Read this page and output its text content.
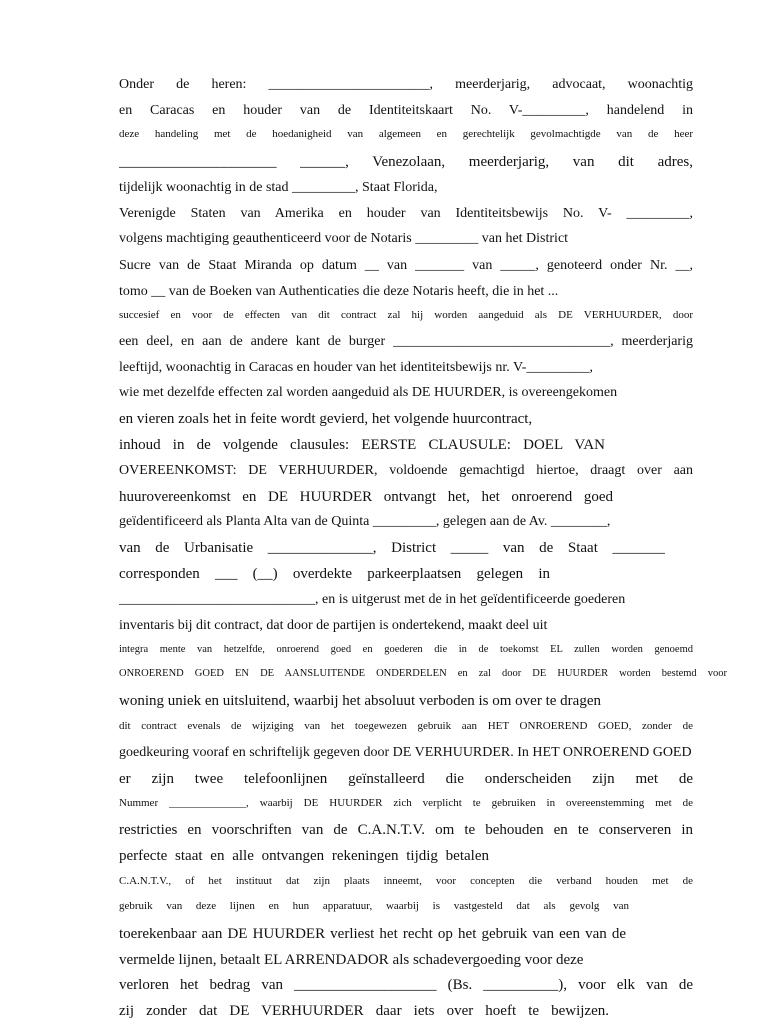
Onder de heren: _______________________, meerderjarig, advocaat, woonachtig
en Caracas en houder van de Identiteitskaart No. V-_________, handelend in
deze handeling met de hoedanigheid van algemeen en gerechtelijk gevolmachtigde van de heer
_____________________ ______, Venezolaan, meerderjarig, van dit adres,
tijdelijk woonachtig in de stad _________, Staat Florida,
Verenigde Staten van Amerika en houder van Identiteitsbewijs No. V- _________,
volgens machtiging geauthenticeerd voor de Notaris _________ van het District
Sucre van de Staat Miranda op datum __ van _______ van _____, genoteerd onder Nr. __,
tomo __ van de Boeken van Authenticaties die deze Notaris heeft, die in het ...
succesief en voor de effecten van dit contract zal hij worden aangeduid als DE VERHUURDER, door
een deel, en aan de andere kant de burger _______________________________, meerderjarig
leeftijd, woonachtig in Caracas en houder van het identiteitsbewijs nr. V-_________,
wie met dezelfde effecten zal worden aangeduid als DE HUURDER, is overeengekomen
en vieren zoals het in feite wordt gevierd, het volgende huurcontract,
inhoud in de volgende clausules: EERSTE CLAUSULE: DOEL VAN
OVEREENKOMST: DE VERHUURDER, voldoende gemachtigd hiertoe, draagt over aan
huurovereenkomst en DE HUURDER ontvangt het, het onroerend goed
geïdentificeerd als Planta Alta van de Quinta _________, gelegen aan de Av. ________,
van de Urbanisatie ______________, District _____ van de Staat _______
corresponden ___ (__) overdekte parkeerplaatsen gelegen in
____________________________, en is uitgerust met de in het geïdentificeerde goederen
inventaris bij dit contract, dat door de partijen is ondertekend, maakt deel uit
integra mente van hetzelfde, onroerend goed en goederen die in de toekomst EL zullen worden genoemd
ONROEREND GOED EN DE AANSLUITENDE ONDERDELEN en zal door DE HUURDER worden bestemd voor
woning uniek en uitsluitend, waarbij het absoluut verboden is om over te dragen
dit contract evenals de wijziging van het toegewezen gebruik aan HET ONROEREND GOED, zonder de
goedkeuring vooraf en schriftelijk gegeven door DE VERHUURDER. In HET ONROEREND GOED
er zijn twee telefoonlijnen geïnstalleerd die onderscheiden zijn met de
Nummer ______________, waarbij DE HUURDER zich verplicht te gebruiken in overeenstemming met de
restricties en voorschriften van de C.A.N.T.V. om te behouden en te conserveren in
perfecte staat en alle ontvangen rekeningen tijdig betalen
C.A.N.T.V., of het instituut dat zijn plaats inneemt, voor concepten die verband houden met de
gebruik van deze lijnen en hun apparatuur, waarbij is vastgesteld dat als gevolg van
toerekenbaar aan DE HUURDER verliest het recht op het gebruik van een van de
vermelde lijnen, betaalt EL ARRENDADOR als schadevergoeding voor deze
verloren het bedrag van ___________________ (Bs. __________), voor elk van de
zij zonder dat DE VERHUURDER daar iets over hoeft te bewijzen.
